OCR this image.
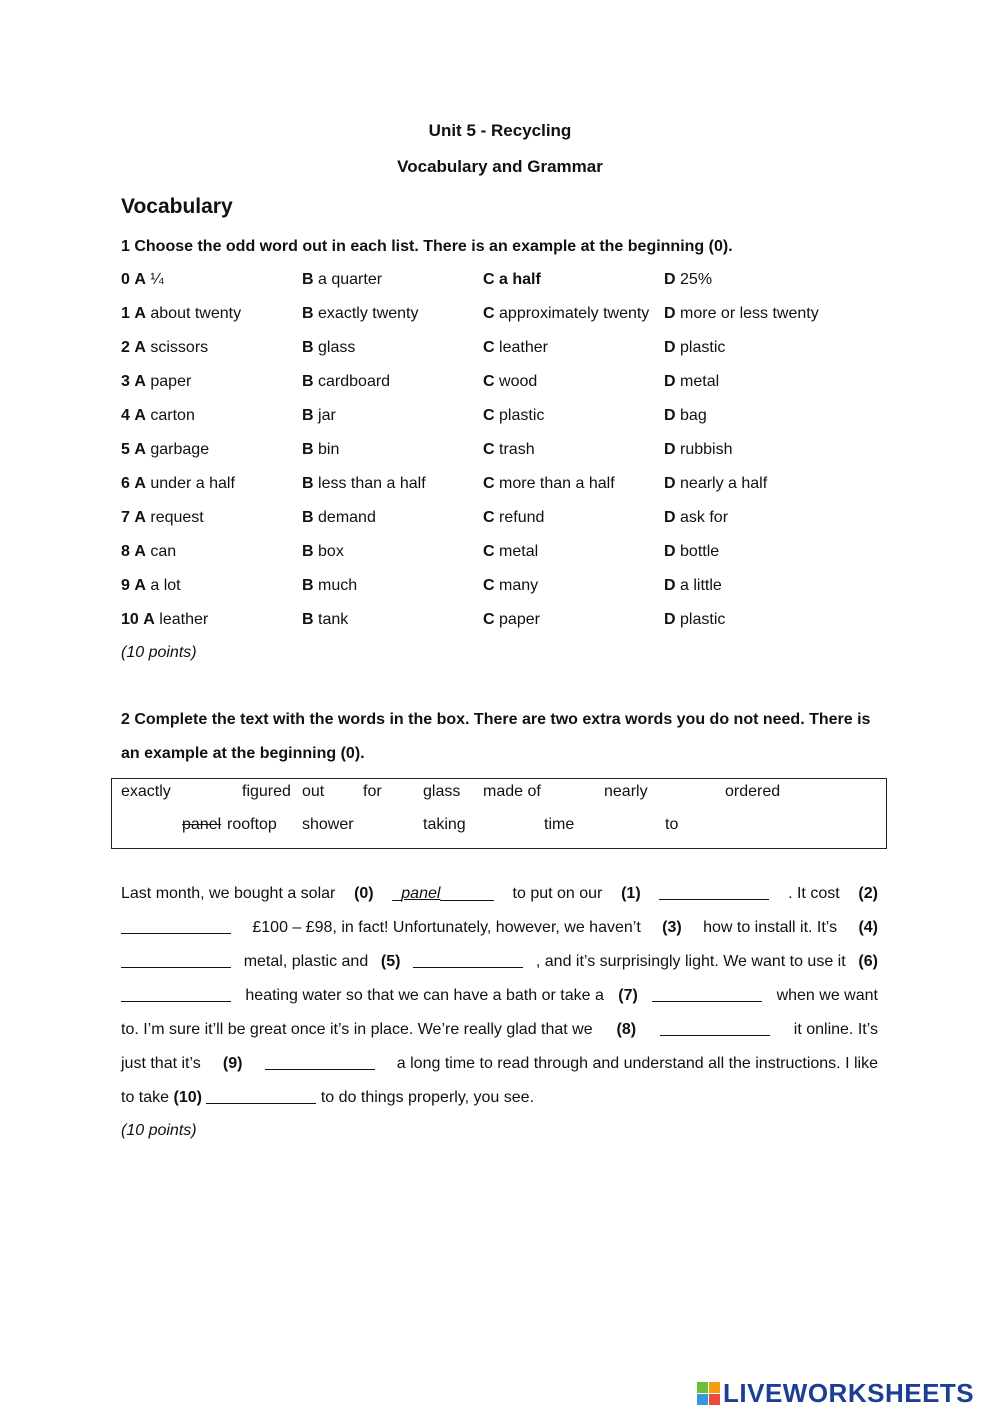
Unit 5 - Recycling
Vocabulary and Grammar
Vocabulary
1 Choose the odd word out in each list. There is an example at the beginning (0).
0 A ¼	B a quarter	C a half	D 25%
1 A about twenty	B exactly twenty	C approximately twenty D more or less twenty
2 A scissors	B glass	C leather	D plastic
3 A paper	B cardboard	C wood	D metal
4 A carton	B jar	C plastic	D bag
5 A garbage	B bin	C trash	D rubbish
6 A under a half	B less than a half	C more than a half	D nearly a half
7 A request	B demand	C refund	D ask for
8 A can	B box	C metal	D bottle
9 A a lot	B much	C many	D a little
10 A leather	B tank	C paper	D plastic
(10 points)
2 Complete the text with the words in the box. There are two extra words you do not need. There is
an example at the beginning (0).
exactly	figured out for	glass made of	nearly	ordered
panel rooftop shower	taking	time	to
Last month, we bought a solar (0) _panel______ to put on our (1)	. It cost (2)
£100 – £98, in fact! Unfortunately, however, we haven’t (3) how to install it. It’s (4)
metal, plastic and (5)	, and it’s surprisingly light. We want to use it (6)
heating water so that we can have a bath or take a (7)	when we want
to. I’m sure it’ll be great once it’s in place. We’re really glad that we (8)	it online. It’s
just that it’s (9)	a long time to read through and understand all the instructions. I like
to take
(10)

	to do things properly, you see.
(10 points)
LIVEWORKSHEETS
